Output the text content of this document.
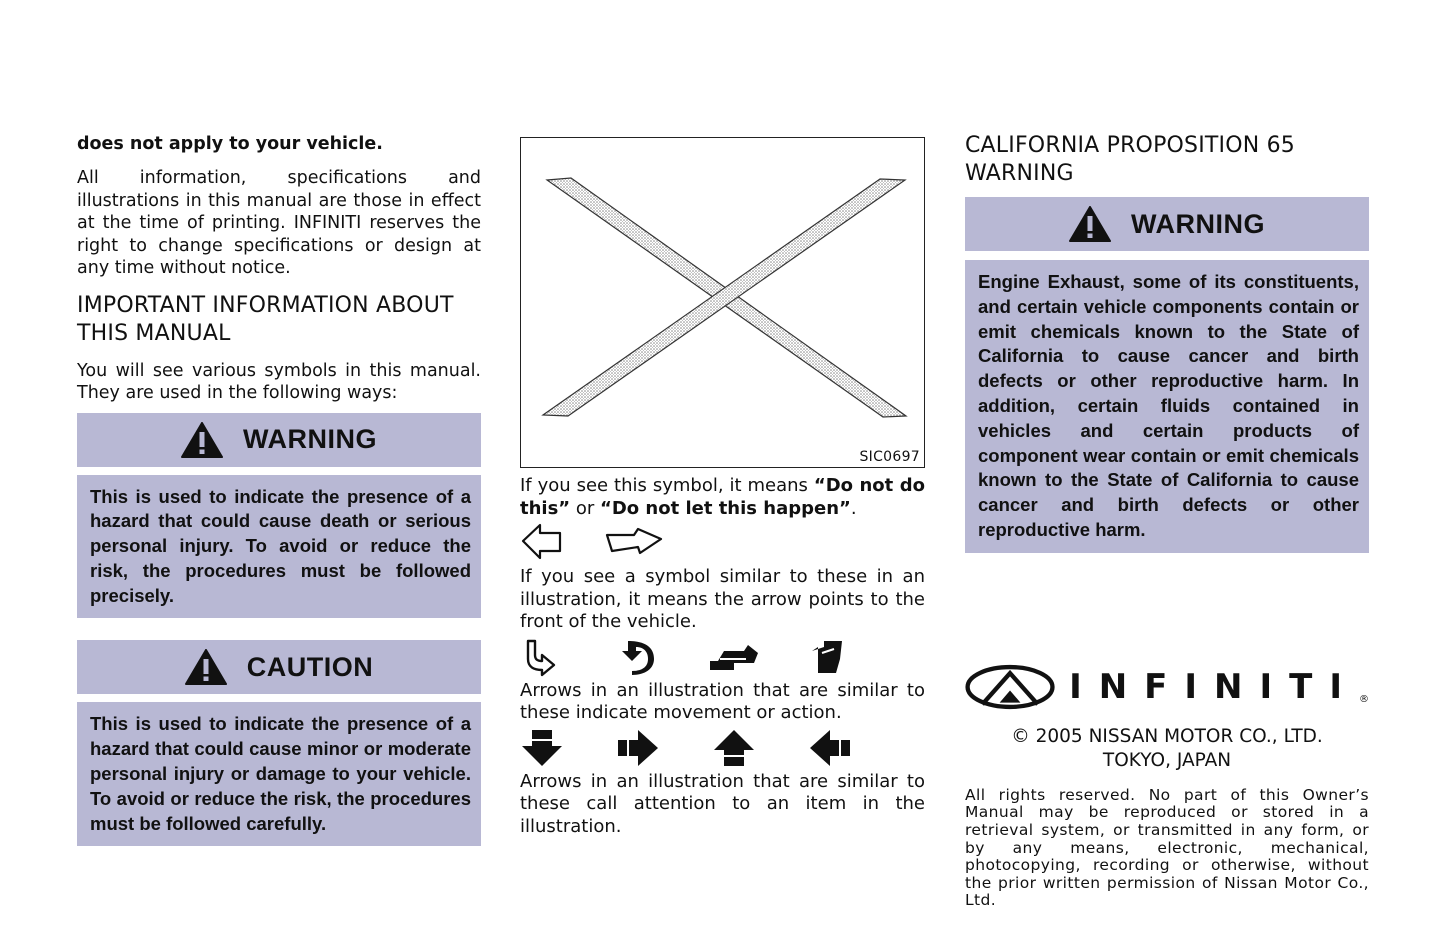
does not apply to your vehicle.

All information, specifications and illustrations in this manual are those in effect at the time of printing. INFINITI reserves the right to change specifications or design at any time without notice.

IMPORTANT INFORMATION ABOUT THIS MANUAL

You will see various symbols in this manual. They are used in the following ways:

WARNING
This is used to indicate the presence of a hazard that could cause death or serious personal injury. To avoid or reduce the risk, the procedures must be followed precisely.
CAUTION
This is used to indicate the presence of a hazard that could cause minor or moderate personal injury or damage to your vehicle. To avoid or reduce the risk, the procedures must be followed carefully.
SIC0697

If you see this symbol, it means “Do not do this” or “Do not let this happen”.

If you see a symbol similar to these in an illustration, it means the arrow points to the front of the vehicle.

Arrows in an illustration that are similar to these indicate movement or action.

Arrows in an illustration that are similar to these call attention to an item in the illustration.

CALIFORNIA PROPOSITION 65 WARNING
WARNING
Engine Exhaust, some of its constituents, and certain vehicle components contain or emit chemicals known to the State of California to cause cancer and birth defects or other reproductive harm. In addition, certain fluids contained in vehicles and certain products of component wear contain or emit chemicals known to the State of California to cause cancer and birth defects or other reproductive harm.
INFINITI ®

© 2005 NISSAN MOTOR CO., LTD.

TOKYO, JAPAN

All rights reserved. No part of this Owner’s Manual may be reproduced or stored in a retrieval system, or transmitted in any form, or by any means, electronic, mechanical, photocopying, recording or otherwise, without the prior written permission of Nissan Motor Co., Ltd.
